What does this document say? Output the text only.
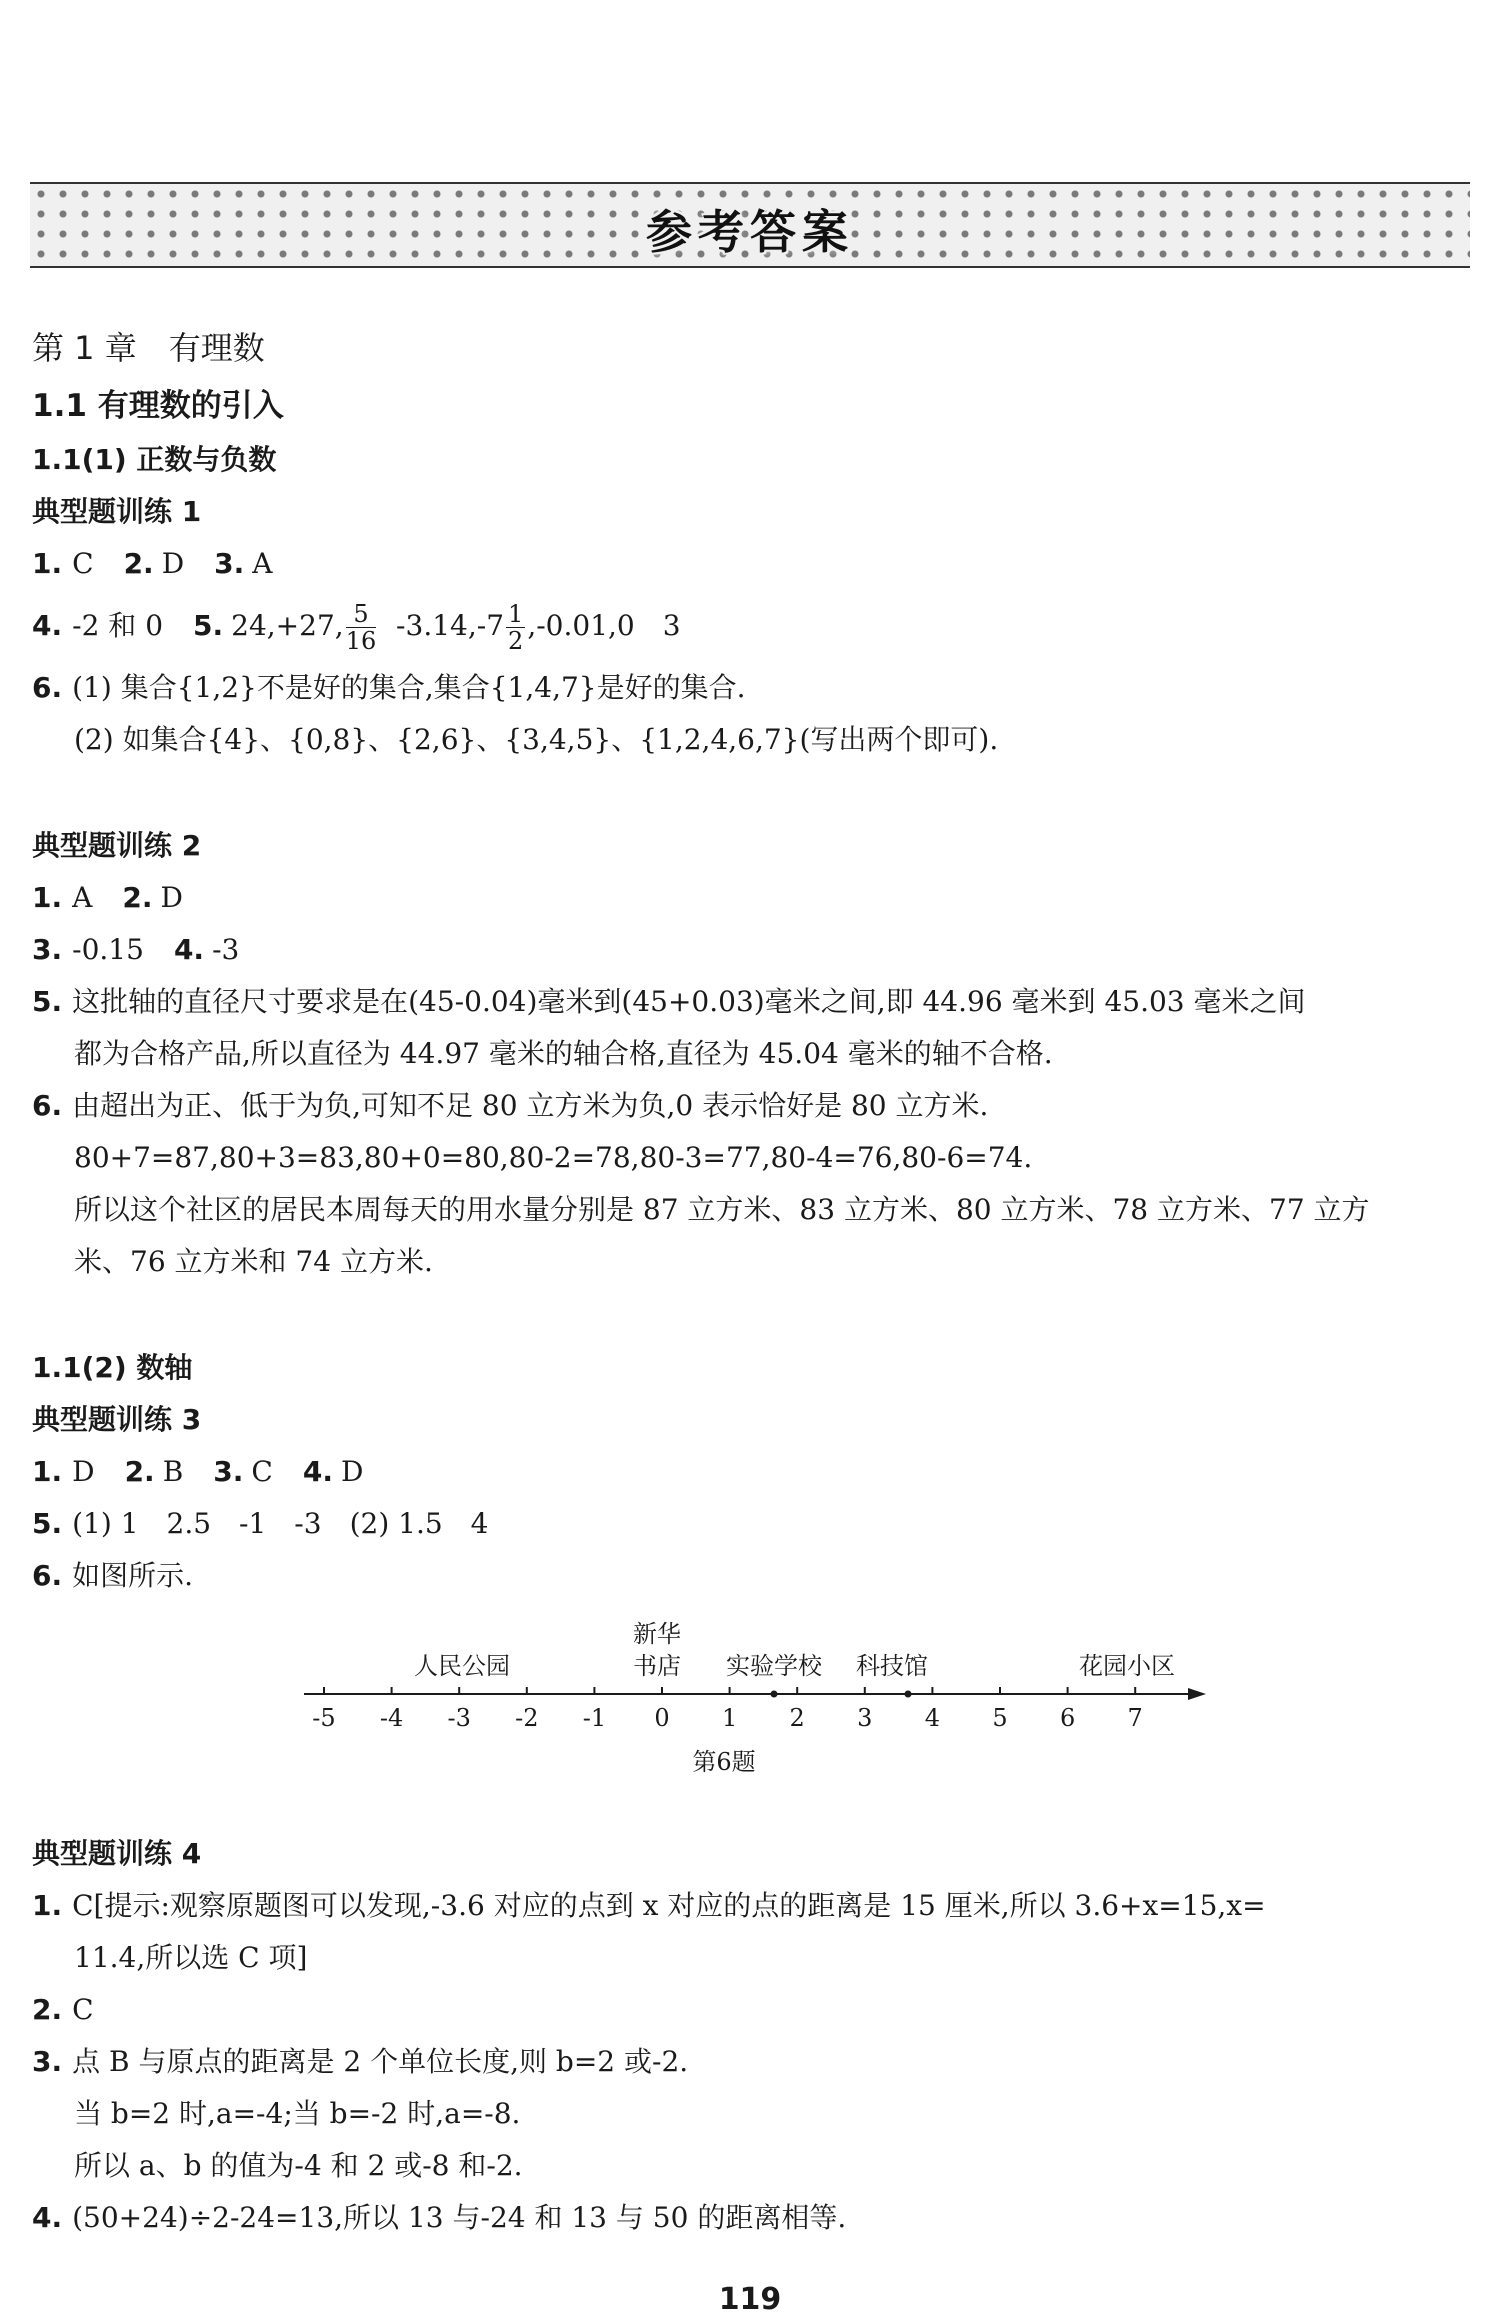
参考答案
第 1 章　有理数
1.1 有理数的引入
1.1(1) 正数与负数
典型题训练 1
1. C 2. D 3. A
4. -2 和 0 5. 24,+27, $\frac{5}{16} -3.14,-7 \frac{1}{2} ,-0.01,0$　3
6. (1) 集合{1,2}不是好的集合,集合{1,4,7}是好的集合.
(2) 如集合{4}、{0,8}、{2,6}、{3,4,5}、{1,2,4,6,7}(写出两个即可).
典型题训练 2
1. A 2. D
3. -0.15 4. -3
5. 这批轴的直径尺寸要求是在(45-0.04)毫米到(45+0.03)毫米之间,即 44.96 毫米到 45.03 毫米之间
都为合格产品,所以直径为 44.97 毫米的轴合格,直径为 45.04 毫米的轴不合格.
6. 由超出为正、低于为负,可知不足 80 立方米为负,0 表示恰好是 80 立方米.
80+7=87,80+3=83,80+0=80,80-2=78,80-3=77,80-4=76,80-6=74.
所以这个社区的居民本周每天的用水量分别是 87 立方米、83 立方米、80 立方米、78 立方米、77 立方
米、76 立方米和 74 立方米.
1.1(2) 数轴
典型题训练 3
1. D 2. B 3. C 4. D
5. (1) 1　2.5　-1　-3　(2) 1.5　4
6. 如图所示.
-5 -4 -3 -2 -1 0 1 2 3 4 5 6 7
人民公园
新华
书店 实验学校 科技馆	花园小区
第6题
典型题训练 4
1. C[提示:观察原题图可以发现,-3.6 对应的点到 x 对应的点的距离是 15 厘米,所以 3.6+x=15,x=
11.4,所以选 C 项]
2. C
3. 点 B 与原点的距离是 2 个单位长度,则 b=2 或-2.
当 b=2 时,a=-4;当 b=-2 时,a=-8.
所以 a、b 的值为-4 和 2 或-8 和-2.
4. (50+24)÷2-24=13,所以 13 与-24 和 13 与 50 的距离相等.
119
